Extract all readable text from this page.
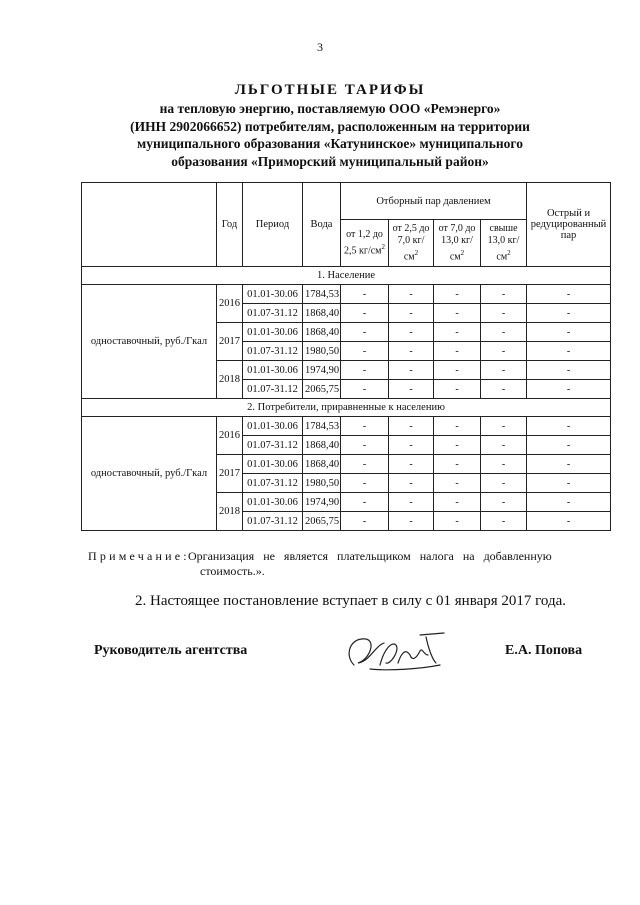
3
ЛЬГОТНЫЕ ТАРИФЫ
на тепловую энергию, поставляемую ООО «Ремэнерго»
(ИНН 2902066652) потребителям, расположенным на территории
муниципального образования «Катунинское» муниципального
образования «Приморский муниципальный район»
	Год	Период	Вода	Отборный пар давлением				Острый и редуцированный пар
				от 1,2 до 2,5 $кг/см^2$	от 2,5 до 7,0 $кг/см^2$	от 7,0 до 13,0 $кг/см^2$	свыше 13,0 $кг/см^2$
1. Население								
одноставочный, руб./Гкал	2016	01.01-30.06	1784,53	-	-	-	-	-
		01.07-31.12	1868,40	-	-	-	-	-
	2017	01.01-30.06	1868,40	-	-	-	-	-
		01.07-31.12	1980,50	-	-	-	-	-
	2018	01.01-30.06	1974,90	-	-	-	-	-
		01.07-31.12	2065,75	-	-	-	-	-
2. Потребители, приравненные к населению								
одноставочный, руб./Гкал	2016	01.01-30.06	1784,53	-	-	-	-	-
		01.07-31.12	1868,40	-	-	-	-	-
	2017	01.01-30.06	1868,40	-	-	-	-	-
		01.07-31.12	1980,50	-	-	-	-	-
	2018	01.01-30.06	1974,90	-	-	-	-	-
		01.07-31.12	2065,75	-	-	-	-	-
Примечание:
Организация не является плательщиком налога на добавленную
стоимость.».
2. Настоящее постановление вступает в силу с 01 января 2017 года.
Руководитель агентства	Е.А. Попова
